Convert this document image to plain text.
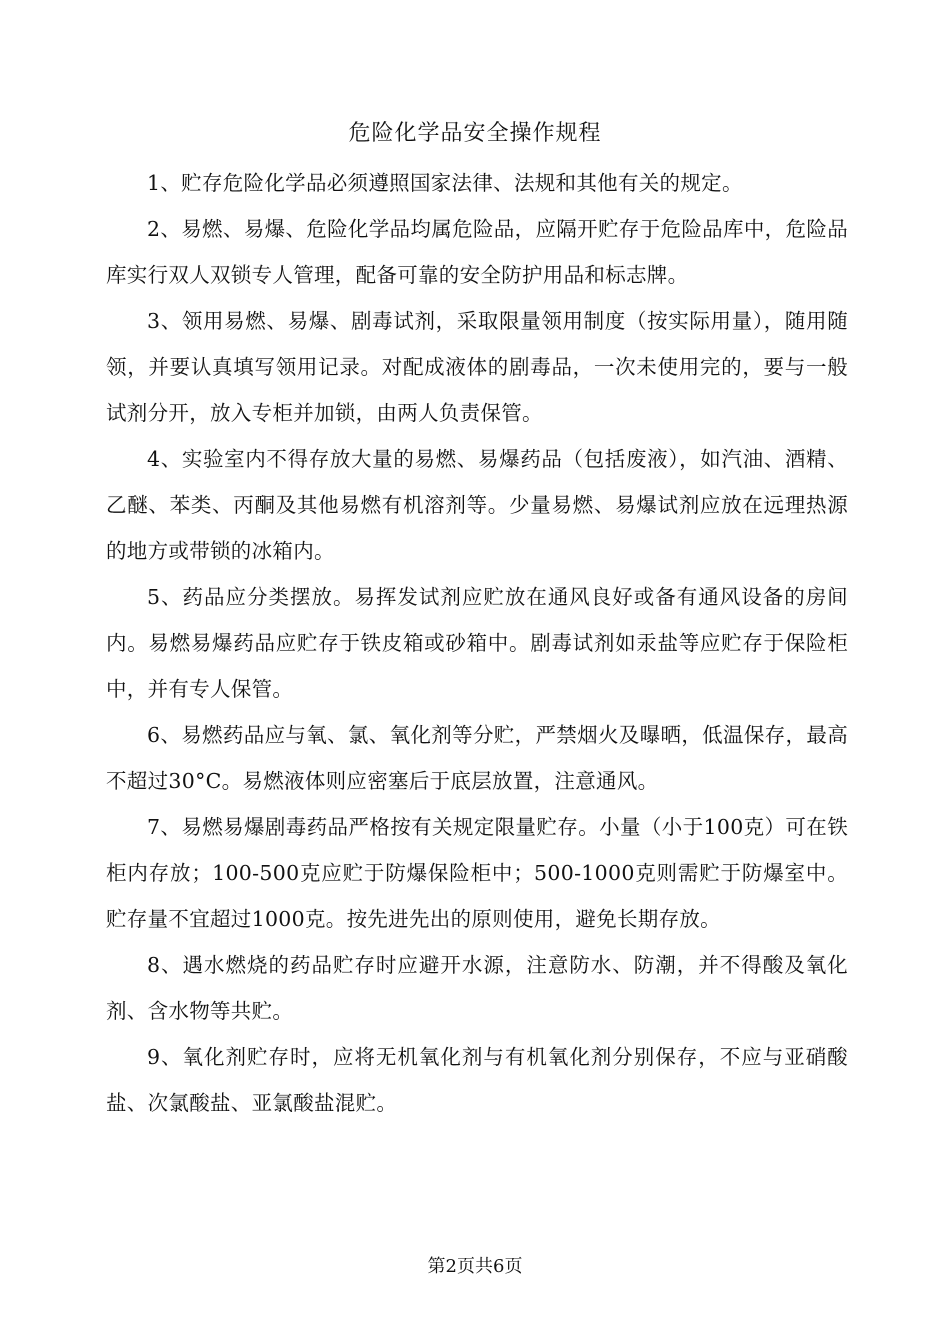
危险化学品安全操作规程

1、贮存危险化学品必须遵照国家法律、法规和其他有关的规定。

2、易燃、易爆、危险化学品均属危险品，应隔开贮存于危险品库中，危险品库实行双人双锁专人管理，配备可靠的安全防护用品和标志牌。

3、领用易燃、易爆、剧毒试剂，采取限量领用制度（按实际用量），随用随领，并要认真填写领用记录。对配成液体的剧毒品，一次未使用完的，要与一般试剂分开，放入专柜并加锁，由两人负责保管。

4、实验室内不得存放大量的易燃、易爆药品（包括废液），如汽油、酒精、乙醚、苯类、丙酮及其他易燃有机溶剂等。少量易燃、易爆试剂应放在远理热源的地方或带锁的冰箱内。

5、药品应分类摆放。易挥发试剂应贮放在通风良好或备有通风设备的房间内。易燃易爆药品应贮存于铁皮箱或砂箱中。剧毒试剂如汞盐等应贮存于保险柜中，并有专人保管。

6、易燃药品应与氧、氯、氧化剂等分贮，严禁烟火及曝晒，低温保存，最高不超过30°C。易燃液体则应密塞后于底层放置，注意通风。

7、易燃易爆剧毒药品严格按有关规定限量贮存。小量（小于100克）可在铁柜内存放；100-500克应贮于防爆保险柜中；500-1000克则需贮于防爆室中。贮存量不宜超过1000克。按先进先出的原则使用，避免长期存放。

8、遇水燃烧的药品贮存时应避开水源，注意防水、防潮，并不得酸及氧化剂、含水物等共贮。

9、氧化剂贮存时，应将无机氧化剂与有机氧化剂分别保存，不应与亚硝酸盐、次氯酸盐、亚氯酸盐混贮。

第2页共6页
